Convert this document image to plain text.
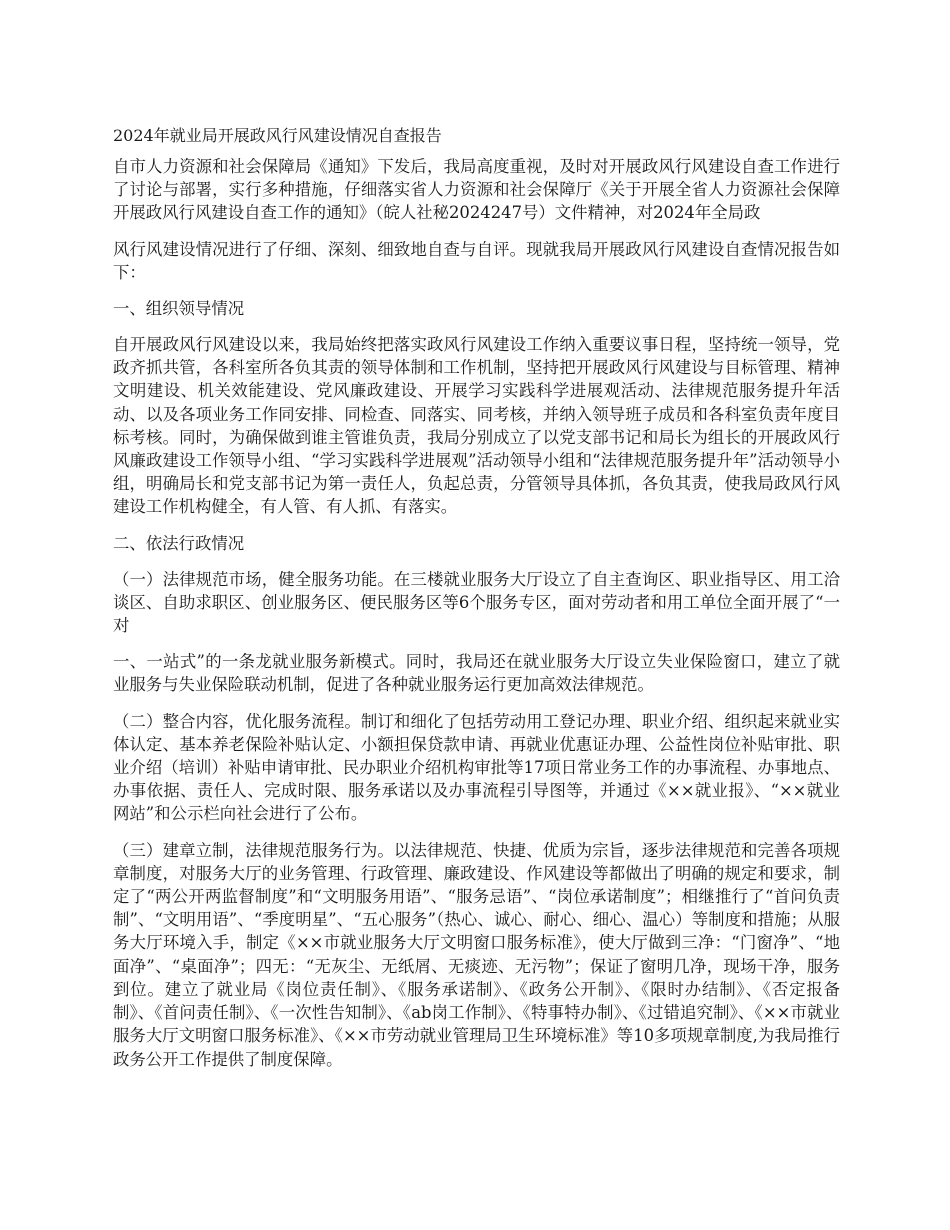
2024年就业局开展政风行风建设情况自查报告

自市人力资源和社会保障局《通知》下发后，我局高度重视，及时对开展政风行风建设自查工作进行了讨论与部署，实行多种措施，仔细落实省人力资源和社会保障厅《关于开展全省人力资源社会保障开展政风行风建设自查工作的通知》（皖人社秘2024247号）文件精神，对2024年全局政

风行风建设情况进行了仔细、深刻、细致地自查与自评。现就我局开展政风行风建设自查情况报告如下：

一、组织领导情况

自开展政风行风建设以来，我局始终把落实政风行风建设工作纳入重要议事日程，坚持统一领导，党政齐抓共管，各科室所各负其责的领导体制和工作机制，坚持把开展政风行风建设与目标管理、精神文明建设、机关效能建设、党风廉政建设、开展学习实践科学进展观活动、法律规范服务提升年活动、以及各项业务工作同安排、同检查、同落实、同考核，并纳入领导班子成员和各科室负责年度目标考核。同时，为确保做到谁主管谁负责，我局分别成立了以党支部书记和局长为组长的开展政风行风廉政建设工作领导小组、“学习实践科学进展观”活动领导小组和“法律规范服务提升年”活动领导小组，明确局长和党支部书记为第一责任人，负起总责，分管领导具体抓，各负其责，使我局政风行风建设工作机构健全，有人管、有人抓、有落实。

二、依法行政情况

（一）法律规范市场，健全服务功能。在三楼就业服务大厅设立了自主查询区、职业指导区、用工洽谈区、自助求职区、创业服务区、便民服务区等6个服务专区，面对劳动者和用工单位全面开展了“一对

一、一站式”的一条龙就业服务新模式。同时，我局还在就业服务大厅设立失业保险窗口，建立了就业服务与失业保险联动机制，促进了各种就业服务运行更加高效法律规范。

（二）整合内容，优化服务流程。制订和细化了包括劳动用工登记办理、职业介绍、组织起来就业实体认定、基本养老保险补贴认定、小额担保贷款申请、再就业优惠证办理、公益性岗位补贴审批、职业介绍（培训）补贴申请审批、民办职业介绍机构审批等17项日常业务工作的办事流程、办事地点、办事依据、责任人、完成时限、服务承诺以及办事流程引导图等，并通过《××就业报》、“××就业网站”和公示栏向社会进行了公布。

（三）建章立制，法律规范服务行为。以法律规范、快捷、优质为宗旨，逐步法律规范和完善各项规章制度，对服务大厅的业务管理、行政管理、廉政建设、作风建设等都做出了明确的规定和要求，制定了“两公开两监督制度”和“文明服务用语”、“服务忌语”、“岗位承诺制度”；相继推行了“首问负责制”、“文明用语”、“季度明星”、“五心服务”（热心、诚心、耐心、细心、温心）等制度和措施；从服务大厅环境入手，制定《××市就业服务大厅文明窗口服务标准》，使大厅做到三净：“门窗净”、“地面净”、“桌面净”；四无：“无灰尘、无纸屑、无痰迹、无污物”；保证了窗明几净，现场干净，服务到位。建立了就业局《岗位责任制》、《服务承诺制》、《政务公开制》、《限时办结制》、《否定报备制》、《首问责任制》、《一次性告知制》、《ab岗工作制》、《特事特办制》、《过错追究制》、《××市就业服务大厅文明窗口服务标准》、《××市劳动就业管理局卫生环境标准》等10多项规章制度,为我局推行政务公开工作提供了制度保障。
